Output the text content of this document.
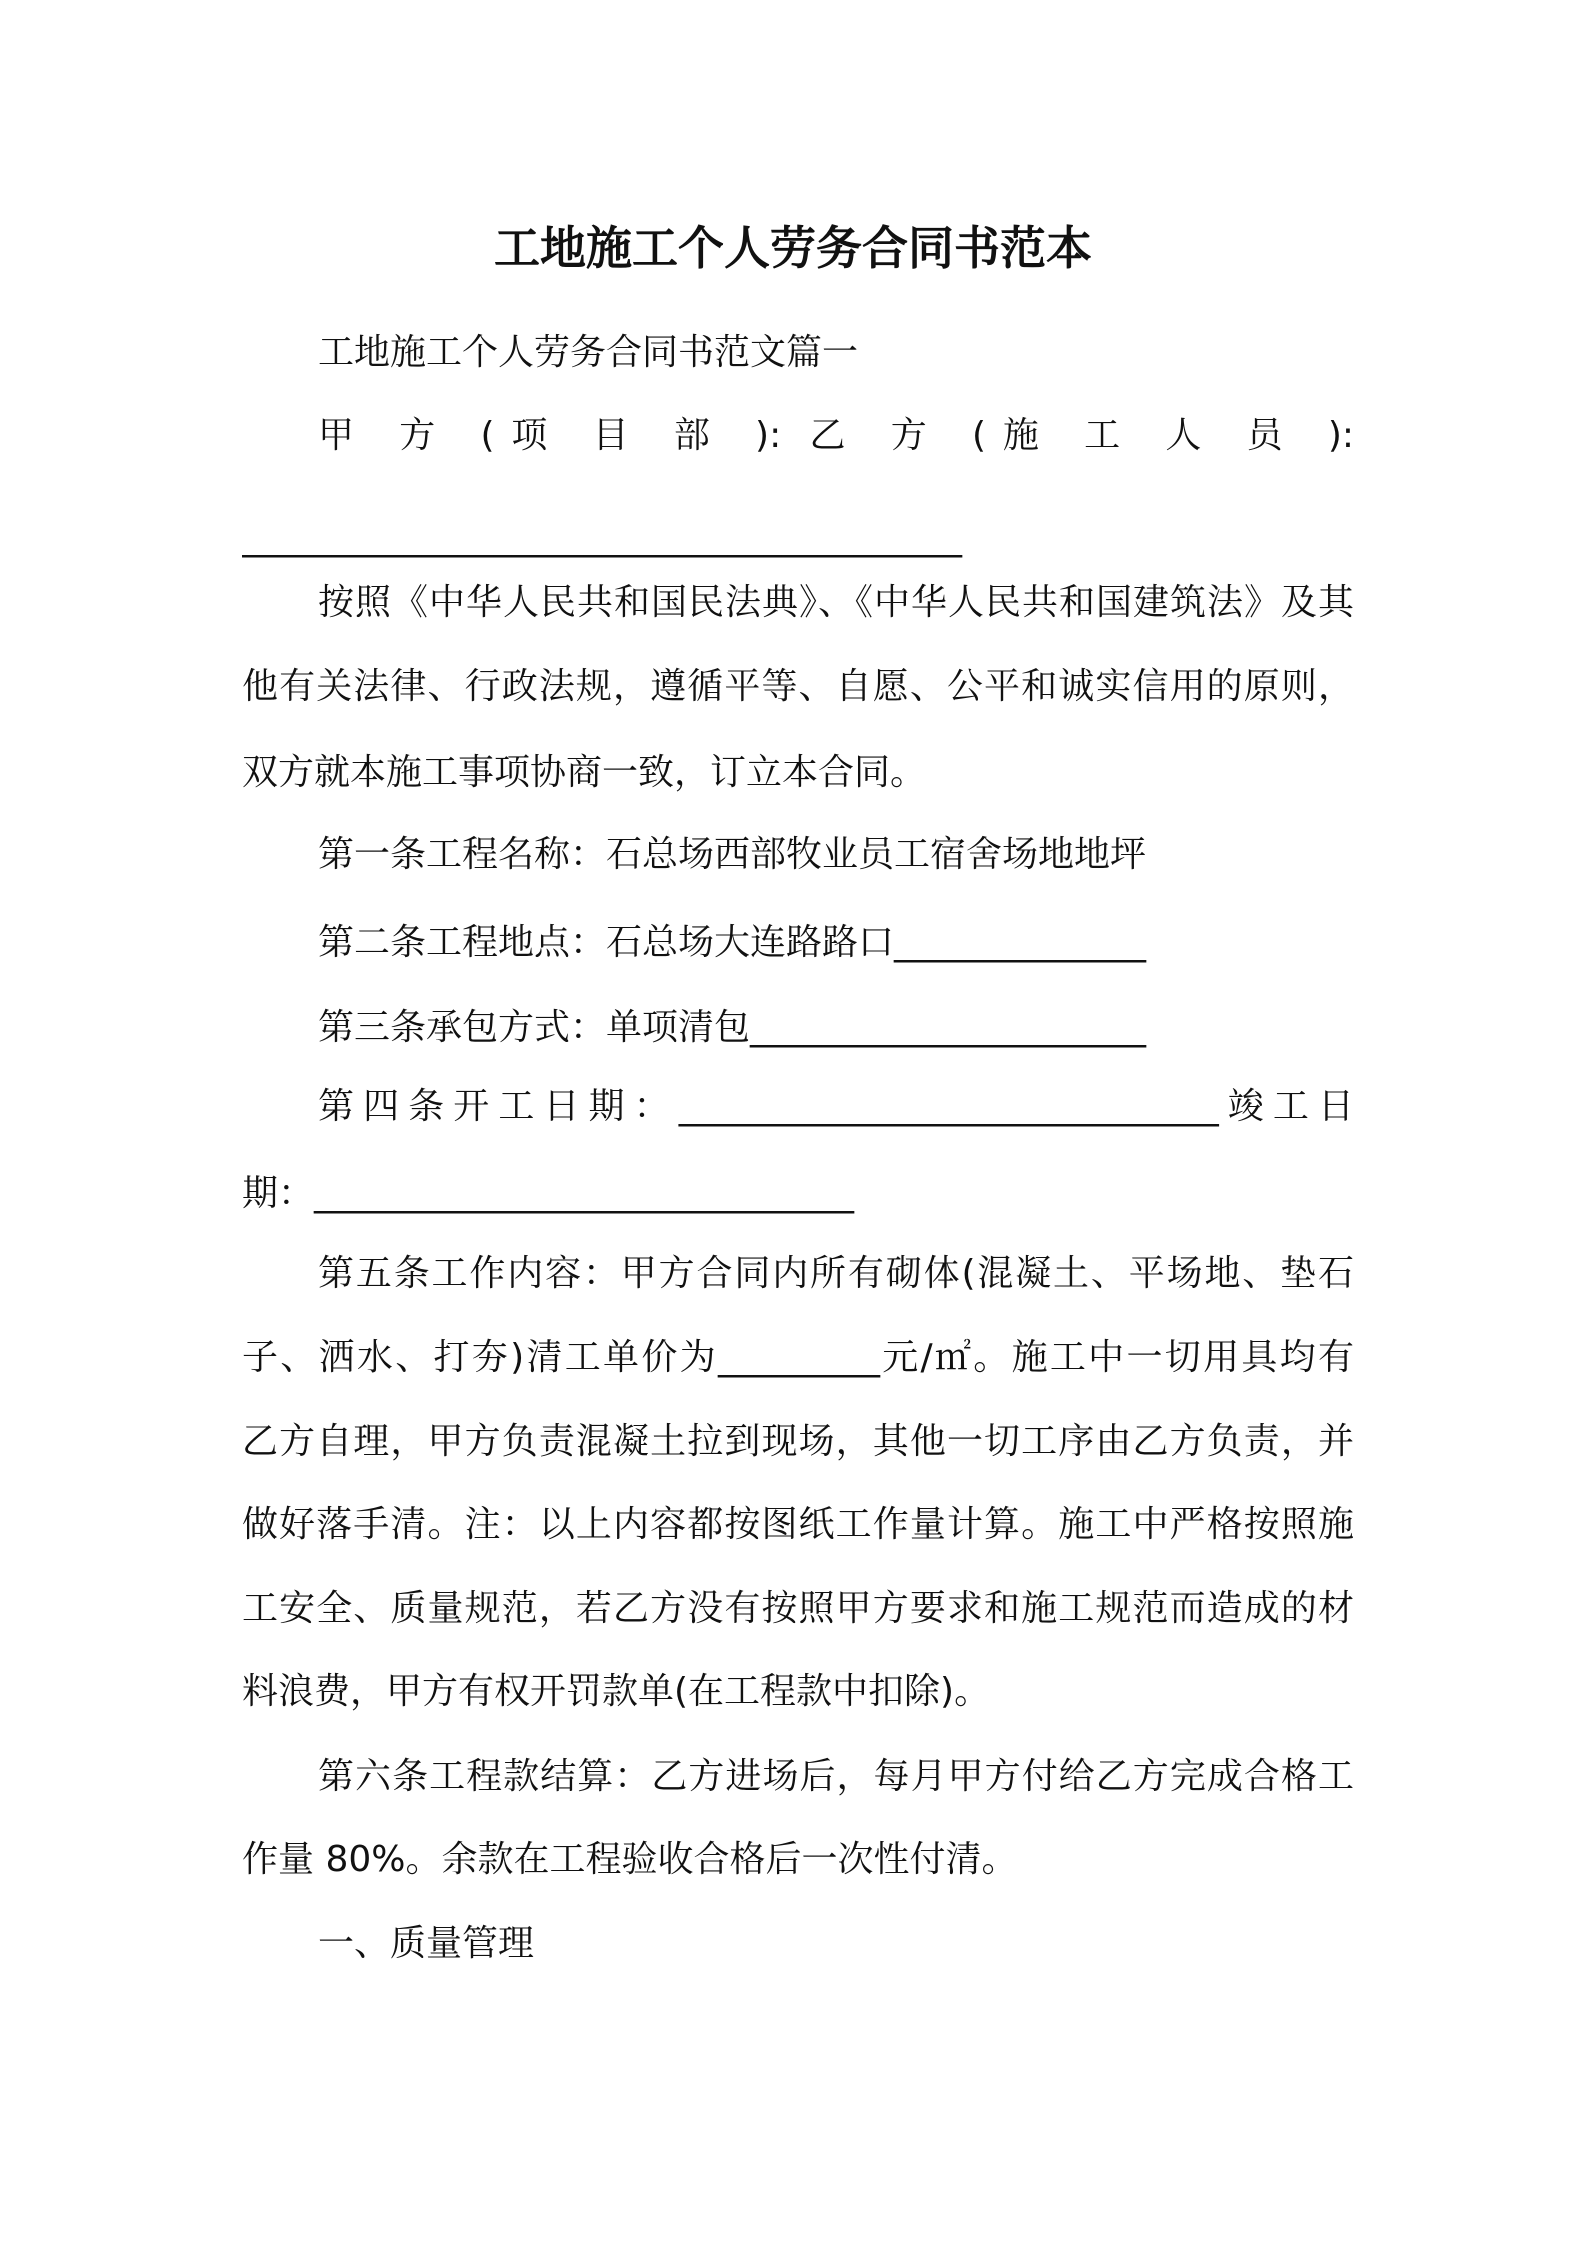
工地施工个人劳务合同书范本
工地施工个人劳务合同书范文篇一
甲 方 (项 目 部 ): 乙 方 (施 工 人 员 ):
________________________________________
按照《中华人民共和国民法典》、《中华人民共和国建筑法》及其
他有关法律、行政法规，遵循平等、自愿、公平和诚实信用的原则，
双方就本施工事项协商一致，订立本合同。
第一条工程名称：石总场西部牧业员工宿舍场地地坪
第二条工程地点：石总场大连路路口______________
第三条承包方式：单项清包______________________
第四条开工日期：______________________________竣工日
期：______________________________
第五条工作内容：甲方合同内所有砌体(混凝土、平场地、垫石
子、洒水、打夯)清工单价为_________元/㎡。施工中一切用具均有
乙方自理，甲方负责混凝土拉到现场，其他一切工序由乙方负责，并
做好落手清。注：以上内容都按图纸工作量计算。施工中严格按照施
工安全、质量规范，若乙方没有按照甲方要求和施工规范而造成的材
料浪费，甲方有权开罚款单(在工程款中扣除)。
第六条工程款结算：乙方进场后，每月甲方付给乙方完成合格工
作量 80%。余款在工程验收合格后一次性付清。
一、质量管理
